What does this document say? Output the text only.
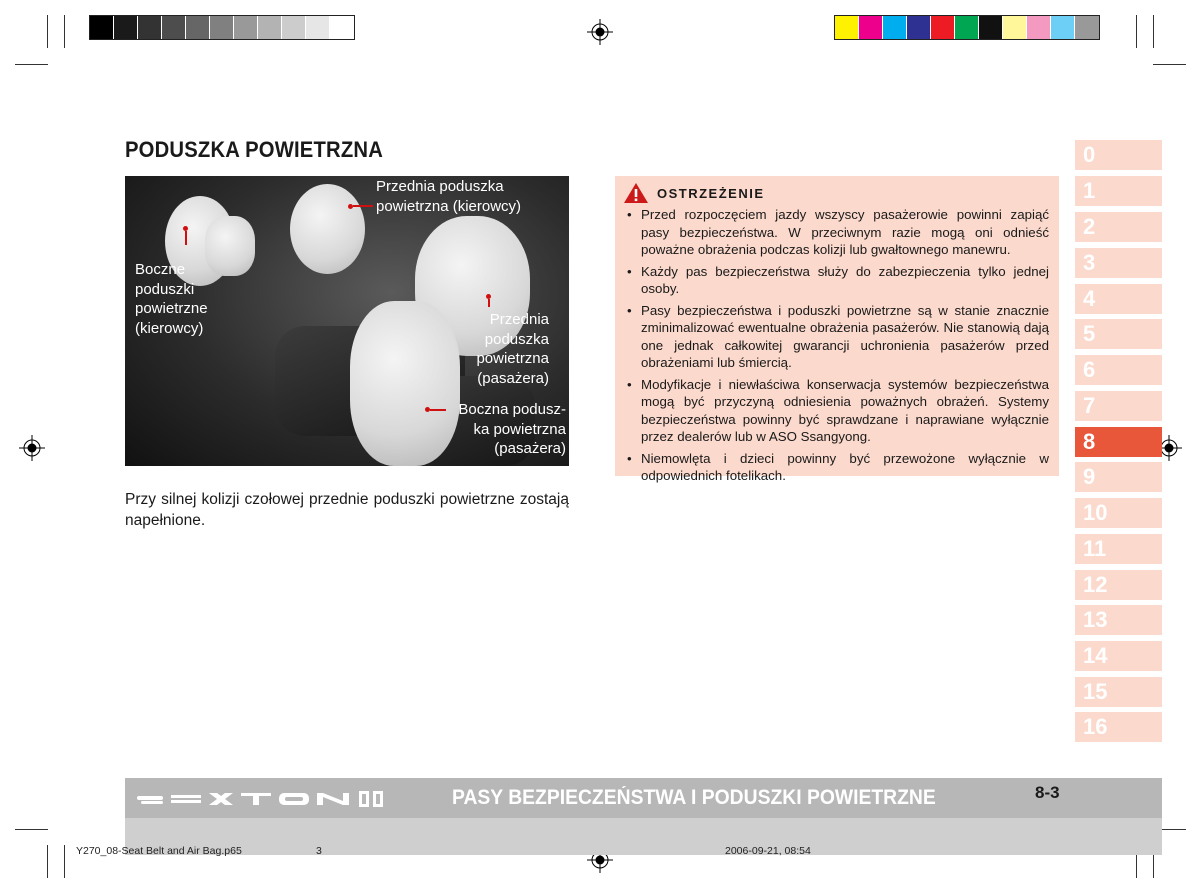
PODUSZKA POWIETRZNA
Przednia poduszka
powietrzna (kierowcy)
Boczne
poduszki
powietrzne
(kierowcy)	Przednia
poduszka
powietrzna
(pasażera)
Boczna podusz-
ka powietrzna
(pasażera)
Przy silnej kolizji czołowej przednie poduszki powietrzne zostają napełnione.
OSTRZEŻENIE
• Przed rozpoczęciem jazdy wszyscy pasażerowie powinni zapiąć pasy bezpieczeństwa. W przeciwnym razie mogą oni odnieść poważne obrażenia podczas kolizji lub gwałtownego manewru.
• Każdy pas bezpieczeństwa służy do zabezpieczenia tylko jednej osoby.
• Pasy bezpieczeństwa i poduszki powietrzne są w stanie znacznie zminimalizować ewentualne obrażenia pasażerów. Nie stanowią dają one jednak całkowitej gwarancji uchronienia pasażerów przed obrażeniami lub śmiercią.
• Modyfikacje i niewłaściwa konserwacja systemów bezpieczeństwa mogą być przyczyną odniesienia poważnych obrażeń. Systemy bezpieczeństwa powinny być sprawdzane i naprawiane wyłącznie przez dealerów lub w ASO Ssangyong.
• Niemowlęta i dzieci powinny być przewożone wyłącznie w odpowiednich fotelikach.
0
1
2
3
4
5
6
7
8
9
10
11
12
13
14
15
16
PASY BEZPIECZEŃSTWA I PODUSZKI POWIETRZNE	8-3
Y270_08-Seat Belt and Air Bag.p65	3	2006-09-21, 08:54
